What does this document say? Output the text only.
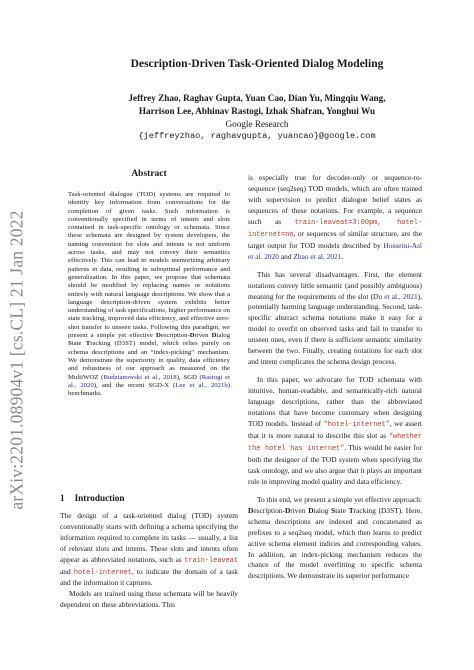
arXiv:2201.08904v1 [cs.CL] 21 Jan 2022
Description-Driven Task-Oriented Dialog Modeling
Jeffrey Zhao, Raghav Gupta, Yuan Cao, Dian Yu, Mingqiu Wang,
Harrison Lee, Abhinav Rastogi, Izhak Shafran, Yonghui Wu
Google Research
{jeffreyzhao, raghavgupta, yuancao}@google.com
Abstract

Task-oriented dialogue (TOD) systems are required to identify key information from conversations for the completion of given tasks. Such information is conventionally specified in terms of intents and slots contained in task-specific ontology or schemata. Since these schemata are designed by system developers, the naming convention for slots and intents is not uniform across tasks, and may not convey their semantics effectively. This can lead to models memorizing arbitrary patterns in data, resulting in suboptimal performance and generalization. In this paper, we propose that schemata should be modified by replacing names or notations entirely with natural language descriptions. We show that a language description-driven system exhibits better understanding of task specifications, higher performance on state tracking, improved data efficiency, and effective zero-shot transfer to unseen tasks. Following this paradigm, we present a simple yet effective Description-Driven Dialog State Tracking (D3ST) model, which relies purely on schema descriptions and an “index-picking” mechanism. We demonstrate the superiority in quality, data efficiency and robustness of our approach as measured on the MultiWOZ (Budzianowski et al., 2018), SGD (Rastogi et al., 2020), and the recent SGD-X (Lee et al., 2021b) benchmarks.

1 Introduction

The design of a task-oriented dialog (TOD) system conventionally starts with defining a schema specifying the information required to complete its tasks — usually, a list of relevant slots and intents. These slots and intents often appear as abbreviated notations, such as train-leaveat and hotel-internet, to indicate the domain of a task and the information it captures.

Models are trained using these schemata will be heavily dependent on these abbreviations. This

is especially true for decoder-only or sequence-to-sequence (seq2seq) TOD models, which are often trained with supervision to predict dialogue belief states as sequences of these notations. For example, a sequence such as train-leaveat=3:00pm, hotel-internet=no, or sequences of similar structure, are the target output for TOD models described by Hosseini-Asl et al. 2020 and Zhao et al. 2021.

This has several disadvantages. First, the element notations convey little semantic (and possibly ambiguous) meaning for the requirements of the slot (Du et al., 2021), potentially harming language understanding. Second, task-specific abstract schema notations make it easy for a model to overfit on observed tasks and fail to transfer to unseen ones, even if there is sufficient semantic similarity between the two. Finally, creating notations for each slot and intent complicates the schema design process.

In this paper, we advocate for TOD schemata with intuitive, human-readable, and semantically-rich natural language descriptions, rather than the abbreviated notations that have become customary when designing TOD models. Instead of “hotel-internet”, we assert that it is more natural to describe this slot as “whether the hotel has internet”. This would be easier for both the designer of the TOD system when specifying the task ontology, and we also argue that it plays an important role in improving model quality and data efficiency.

To this end, we present a simple yet effective approach: Description-Driven Dialog State Tracking (D3ST). Here, schema descriptions are indexed and concatenated as prefixes to a seq2seq model, which then learns to predict active schema element indices and corresponding values. In addition, an index-picking mechanism reduces the chance of the model overfitting to specific schema descriptions. We demonstrate its superior performance
